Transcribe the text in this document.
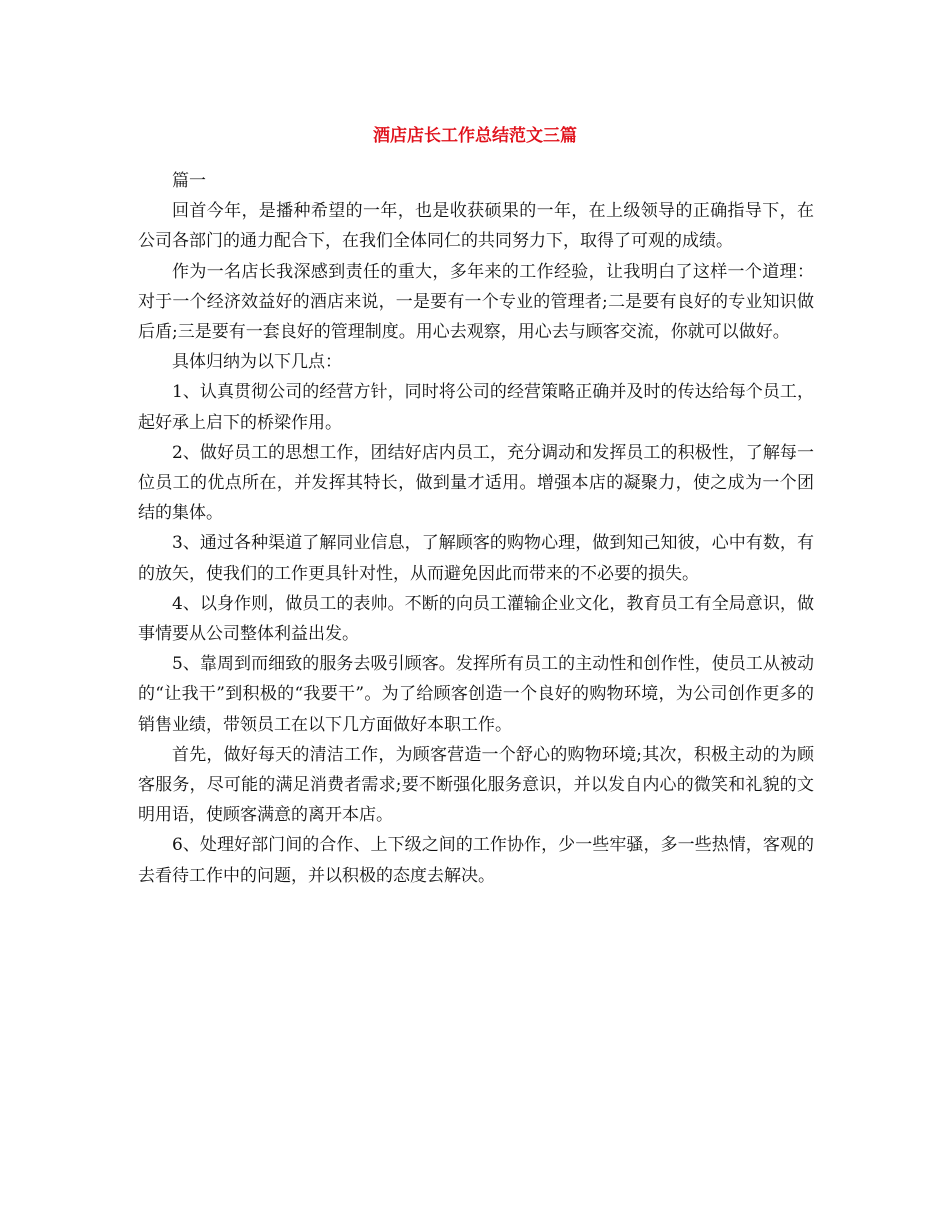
酒店店长工作总结范文三篇

篇一

回首今年，是播种希望的一年，也是收获硕果的一年，在上级领导的正确指导下，在公司各部门的通力配合下，在我们全体同仁的共同努力下，取得了可观的成绩。

作为一名店长我深感到责任的重大，多年来的工作经验，让我明白了这样一个道理：对于一个经济效益好的酒店来说，一是要有一个专业的管理者;二是要有良好的专业知识做后盾;三是要有一套良好的管理制度。用心去观察，用心去与顾客交流，你就可以做好。

具体归纳为以下几点：

1、认真贯彻公司的经营方针，同时将公司的经营策略正确并及时的传达给每个员工，起好承上启下的桥梁作用。

2、做好员工的思想工作，团结好店内员工，充分调动和发挥员工的积极性，了解每一位员工的优点所在，并发挥其特长，做到量才适用。增强本店的凝聚力，使之成为一个团结的集体。

3、通过各种渠道了解同业信息，了解顾客的购物心理，做到知己知彼，心中有数，有的放矢，使我们的工作更具针对性，从而避免因此而带来的不必要的损失。

4、以身作则，做员工的表帅。不断的向员工灌输企业文化，教育员工有全局意识，做事情要从公司整体利益出发。

5、靠周到而细致的服务去吸引顾客。发挥所有员工的主动性和创作性，使员工从被动的“让我干”到积极的“我要干”。为了给顾客创造一个良好的购物环境，为公司创作更多的销售业绩，带领员工在以下几方面做好本职工作。

首先，做好每天的清洁工作，为顾客营造一个舒心的购物环境;其次，积极主动的为顾客服务，尽可能的满足消费者需求;要不断强化服务意识，并以发自内心的微笑和礼貌的文明用语，使顾客满意的离开本店。

6、处理好部门间的合作、上下级之间的工作协作，少一些牢骚，多一些热情，客观的去看待工作中的问题，并以积极的态度去解决。
